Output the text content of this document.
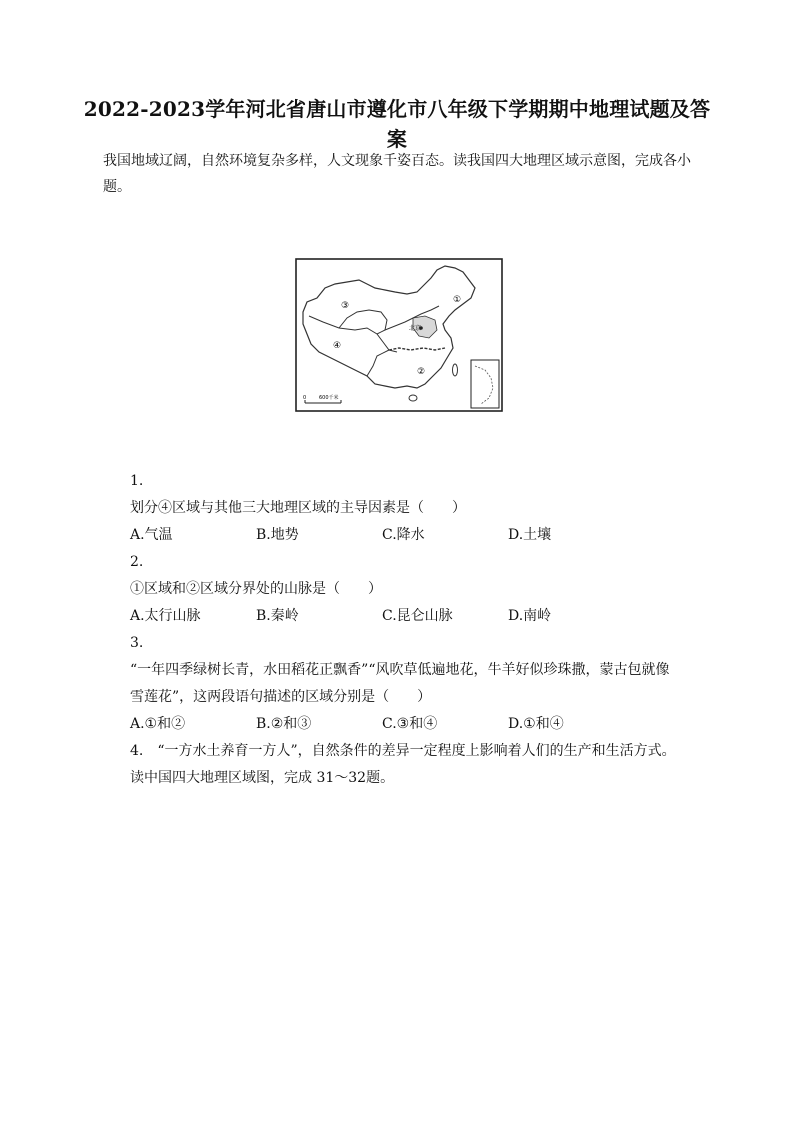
2022-2023学年河北省唐山市遵化市八年级下学期期中地理试题及答
案
我国地域辽阔，自然环境复杂多样，人文现象千姿百态。读我国四大地理区域示意图，完成各小
题。
③
①
④
②
北京
0	600千米
1.
划分④区域与其他三大地理区域的主导因素是（　　）
A.气温	B.地势	C.降水	D.土壤
2.
①区域和②区域分界处的山脉是（　　）
A.太行山脉	B.秦岭	C.昆仑山脉	D.南岭
3.
“一年四季绿树长青，水田稻花正飘香”“风吹草低遍地花，牛羊好似珍珠撒，蒙古包就像
雪莲花”，这两段语句描述的区域分别是（　　）
A.①和②	B.②和③	C.③和④	D.①和④
4.  “一方水土养育一方人”，自然条件的差异一定程度上影响着人们的生产和生活方式。
读中国四大地理区域图，完成 31～32题。
